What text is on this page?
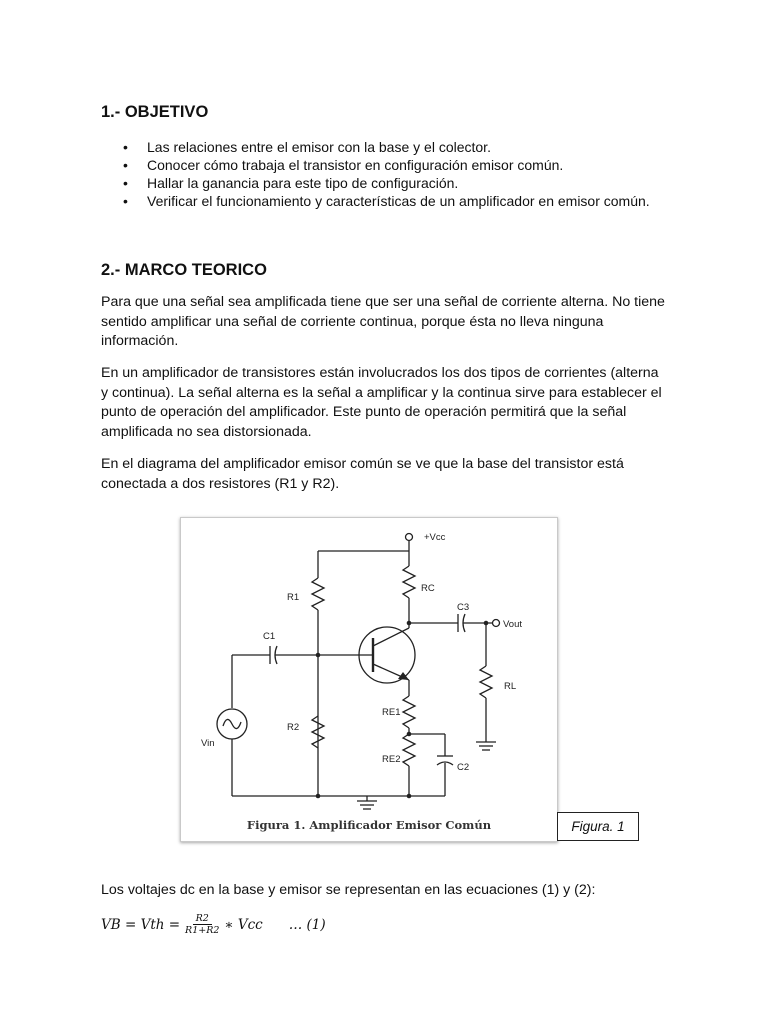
1.- OBJETIVO
• Las relaciones entre el emisor con la base y el colector.
• Conocer cómo trabaja el transistor en configuración emisor común.
• Hallar la ganancia para este tipo de configuración.
• Verificar el funcionamiento y características de un amplificador en emisor común.
2.- MARCO TEORICO

Para que una señal sea amplificada tiene que ser una señal de corriente alterna. No tiene sentido amplificar una señal de corriente continua, porque ésta no lleva ninguna información.

En un amplificador de transistores están involucrados los dos tipos de corrientes (alterna y continua). La señal alterna es la señal a amplificar y la continua sirve para establecer el punto de operación del amplificador. Este punto de operación permitirá que la señal amplificada no sea distorsionada.

En el diagrama del amplificador emisor común se ve que la base del transistor está conectada a dos resistores (R1 y R2).

+Vcc
R1
R2
RC
C1
C3
Vout
RL
RE1
RE2
C2
Vin
Figura 1. Amplificador Emisor Común	Figura. 1

Los voltajes dc en la base y emisor se representan en las ecuaciones (1) y (2):

VB = Vth = $\frac{R2}{R1+R2}$ ∗ Vcc … (1)
